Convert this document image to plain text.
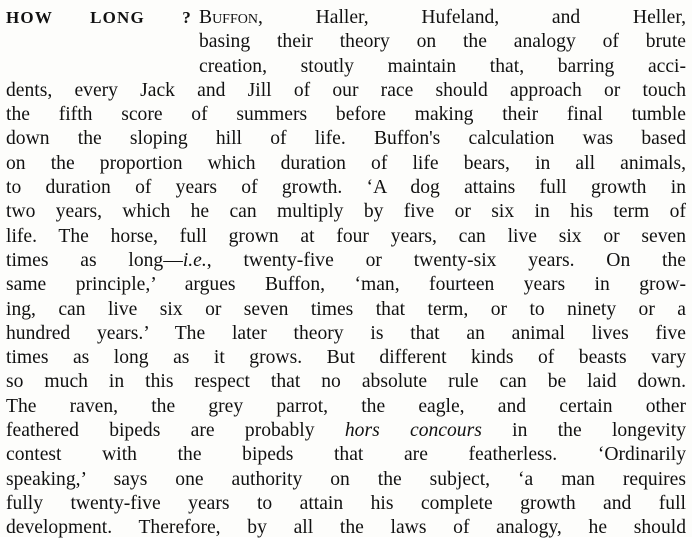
HOW LONG ? Buffon, Haller, Hufeland, and Heller,
basing their theory on the analogy of brute
creation, stoutly maintain that, barring acci-
dents, every Jack and Jill of our race should approach or touch
the fifth score of summers before making their final tumble
down the sloping hill of life. Buffon's calculation was based
on the proportion which duration of life bears, in all animals,
to duration of years of growth. ‘A dog attains full growth in
two years, which he can multiply by five or six in his term of
life. The horse, full grown at four years, can live six or seven
times as long—i.e., twenty-five or twenty-six years. On the
same principle,’ argues Buffon, ‘man, fourteen years in grow-
ing, can live six or seven times that term, or to ninety or a
hundred years.’ The later theory is that an animal lives five
times as long as it grows. But different kinds of beasts vary
so much in this respect that no absolute rule can be laid down.
The raven, the grey parrot, the eagle, and certain other
feathered bipeds are probably hors concours in the longevity
contest with the bipeds that are featherless. ‘Ordinarily
speaking,’ says one authority on the subject, ‘a man requires
fully twenty-five years to attain his complete growth and full
development. Therefore, by all the laws of analogy, he should
